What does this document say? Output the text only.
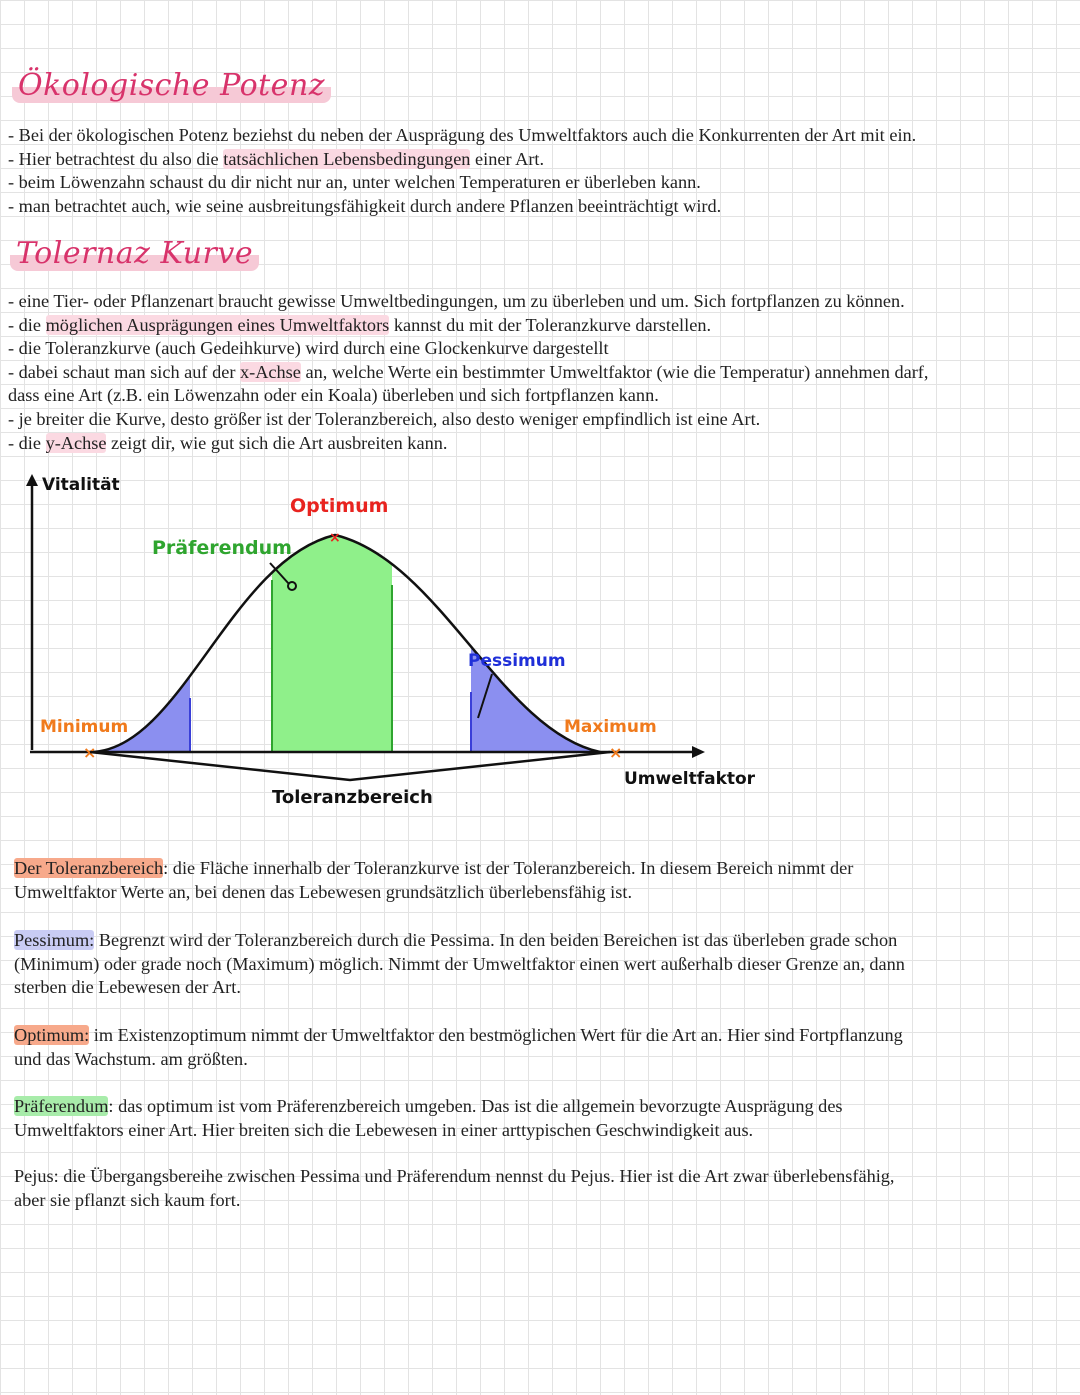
Ökologische Potenz
- Bei der ökologischen Potenz beziehst du neben der Ausprägung des Umweltfaktors auch die Konkurrenten der Art mit ein.
- Hier betrachtest du also die tatsächlichen Lebensbedingungen einer Art.
- beim Löwenzahn schaust du dir nicht nur an, unter welchen Temperaturen er überleben kann.
- man betrachtet auch, wie seine ausbreitungsfähigkeit durch andere Pflanzen beeinträchtigt wird.
Tolernaz Kurve
- eine Tier- oder Pflanzenart braucht gewisse Umweltbedingungen, um zu überleben und um. Sich fortpflanzen zu können.
- die möglichen Ausprägungen eines Umweltfaktors kannst du mit der Toleranzkurve darstellen.
- die Toleranzkurve (auch Gedeihkurve) wird durch eine Glockenkurve dargestellt
- dabei schaut man sich auf der x-Achse an, welche Werte ein bestimmter Umweltfaktor (wie die Temperatur) annehmen darf,
dass eine Art (z.B. ein Löwenzahn oder ein Koala) überleben und sich fortpflanzen kann.
- je breiter die Kurve, desto größer ist der Toleranzbereich, also desto weniger empfindlich ist eine Art.
- die y-Achse zeigt dir, wie gut sich die Art ausbreiten kann.
×	×
×
Vitalität
Optimum
Präferendum
Pessimum
Minimum	Maximum
Umweltfaktor
Toleranzbereich
Der Toleranzbereich: die Fläche innerhalb der Toleranzkurve ist der Toleranzbereich. In diesem Bereich nimmt der
Umweltfaktor Werte an, bei denen das Lebewesen grundsätzlich überlebensfähig ist.
Pessimum: Begrenzt wird der Toleranzbereich durch die Pessima. In den beiden Bereichen ist das überleben grade schon
(Minimum) oder grade noch (Maximum) möglich. Nimmt der Umweltfaktor einen wert außerhalb dieser Grenze an, dann
sterben die Lebewesen der Art.
Optimum: im Existenzoptimum nimmt der Umweltfaktor den bestmöglichen Wert für die Art an. Hier sind Fortpflanzung
und das Wachstum. am größten.
Präferendum: das optimum ist vom Präferenzbereich umgeben. Das ist die allgemein bevorzugte Ausprägung des
Umweltfaktors einer Art. Hier breiten sich die Lebewesen in einer arttypischen Geschwindigkeit aus.
Pejus: die Übergangsbereihe zwischen Pessima und Präferendum nennst du Pejus. Hier ist die Art zwar überlebensfähig,
aber sie pflanzt sich kaum fort.
